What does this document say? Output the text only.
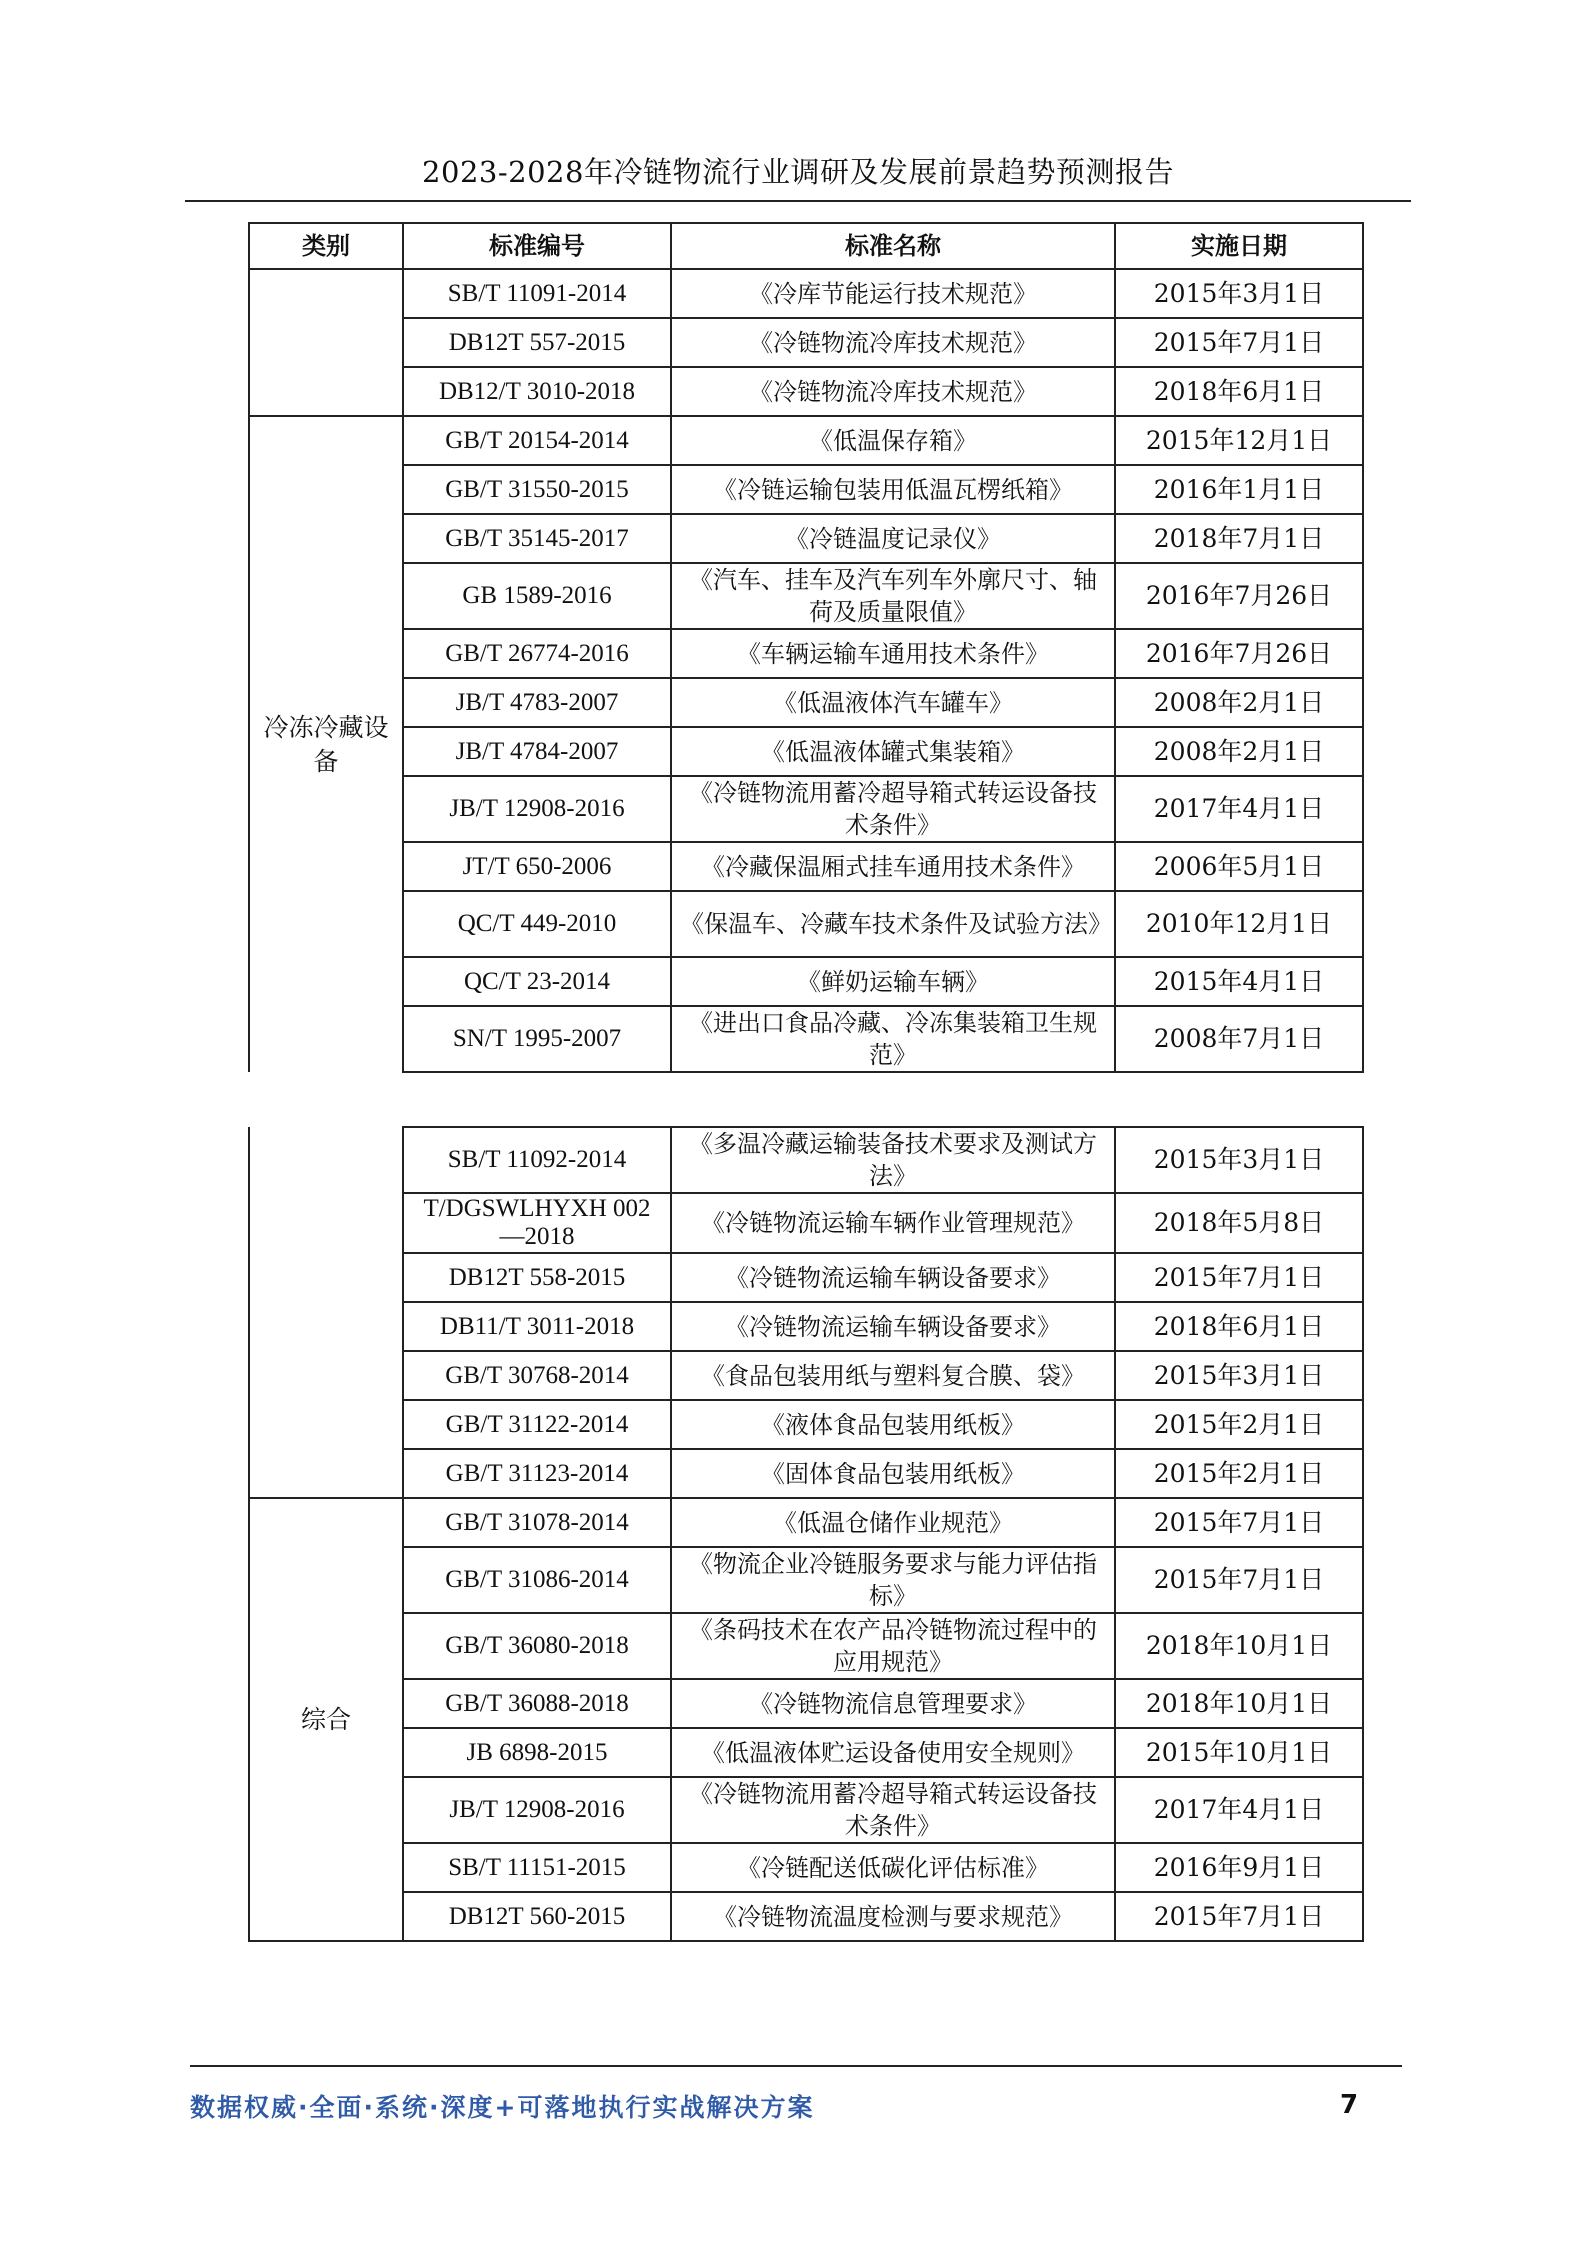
2023-2028年冷链物流行业调研及发展前景趋势预测报告
类别	标准编号	标准名称	实施日期
	SB/T 11091-2014	《冷库节能运行技术规范》	2015年3月1日
	DB12T 557-2015	《冷链物流冷库技术规范》	2015年7月1日
	DB12/T 3010-2018	《冷链物流冷库技术规范》	2018年6月1日
冷冻冷藏设备	GB/T 20154-2014	《低温保存箱》	2015年12月1日
	GB/T 31550-2015	《冷链运输包装用低温瓦楞纸箱》	2016年1月1日
	GB/T 35145-2017	《冷链温度记录仪》	2018年7月1日
	GB 1589-2016	《汽车、挂车及汽车列车外廓尺寸、轴荷及质量限值》	2016年7月26日
	GB/T 26774-2016	《车辆运输车通用技术条件》	2016年7月26日
	JB/T 4783-2007	《低温液体汽车罐车》	2008年2月1日
	JB/T 4784-2007	《低温液体罐式集装箱》	2008年2月1日
	JB/T 12908-2016	《冷链物流用蓄冷超导箱式转运设备技术条件》	2017年4月1日
	JT/T 650-2006	《冷藏保温厢式挂车通用技术条件》	2006年5月1日
	QC/T 449-2010	《保温车、冷藏车技术条件及试验方法》	2010年12月1日
	QC/T 23-2014	《鲜奶运输车辆》	2015年4月1日
	SN/T 1995-2007	《进出口食品冷藏、冷冻集装箱卫生规范》	2008年7月1日
	SB/T 11092-2014	《多温冷藏运输装备技术要求及测试方法》	2015年3月1日
	T/DGSWLHYXH 002—2018	《冷链物流运输车辆作业管理规范》	2018年5月8日
	DB12T 558-2015	《冷链物流运输车辆设备要求》	2015年7月1日
	DB11/T 3011-2018	《冷链物流运输车辆设备要求》	2018年6月1日
	GB/T 30768-2014	《食品包装用纸与塑料复合膜、袋》	2015年3月1日
	GB/T 31122-2014	《液体食品包装用纸板》	2015年2月1日
	GB/T 31123-2014	《固体食品包装用纸板》	2015年2月1日
综合	GB/T 31078-2014	《低温仓储作业规范》	2015年7月1日
	GB/T 31086-2014	《物流企业冷链服务要求与能力评估指标》	2015年7月1日
	GB/T 36080-2018	《条码技术在农产品冷链物流过程中的应用规范》	2018年10月1日
	GB/T 36088-2018	《冷链物流信息管理要求》	2018年10月1日
	JB 6898-2015	《低温液体贮运设备使用安全规则》	2015年10月1日
	JB/T 12908-2016	《冷链物流用蓄冷超导箱式转运设备技术条件》	2017年4月1日
	SB/T 11151-2015	《冷链配送低碳化评估标准》	2016年9月1日
	DB12T 560-2015	《冷链物流温度检测与要求规范》	2015年7月1日
数据权威·全面·系统·深度+可落地执行实战解决方案	7
